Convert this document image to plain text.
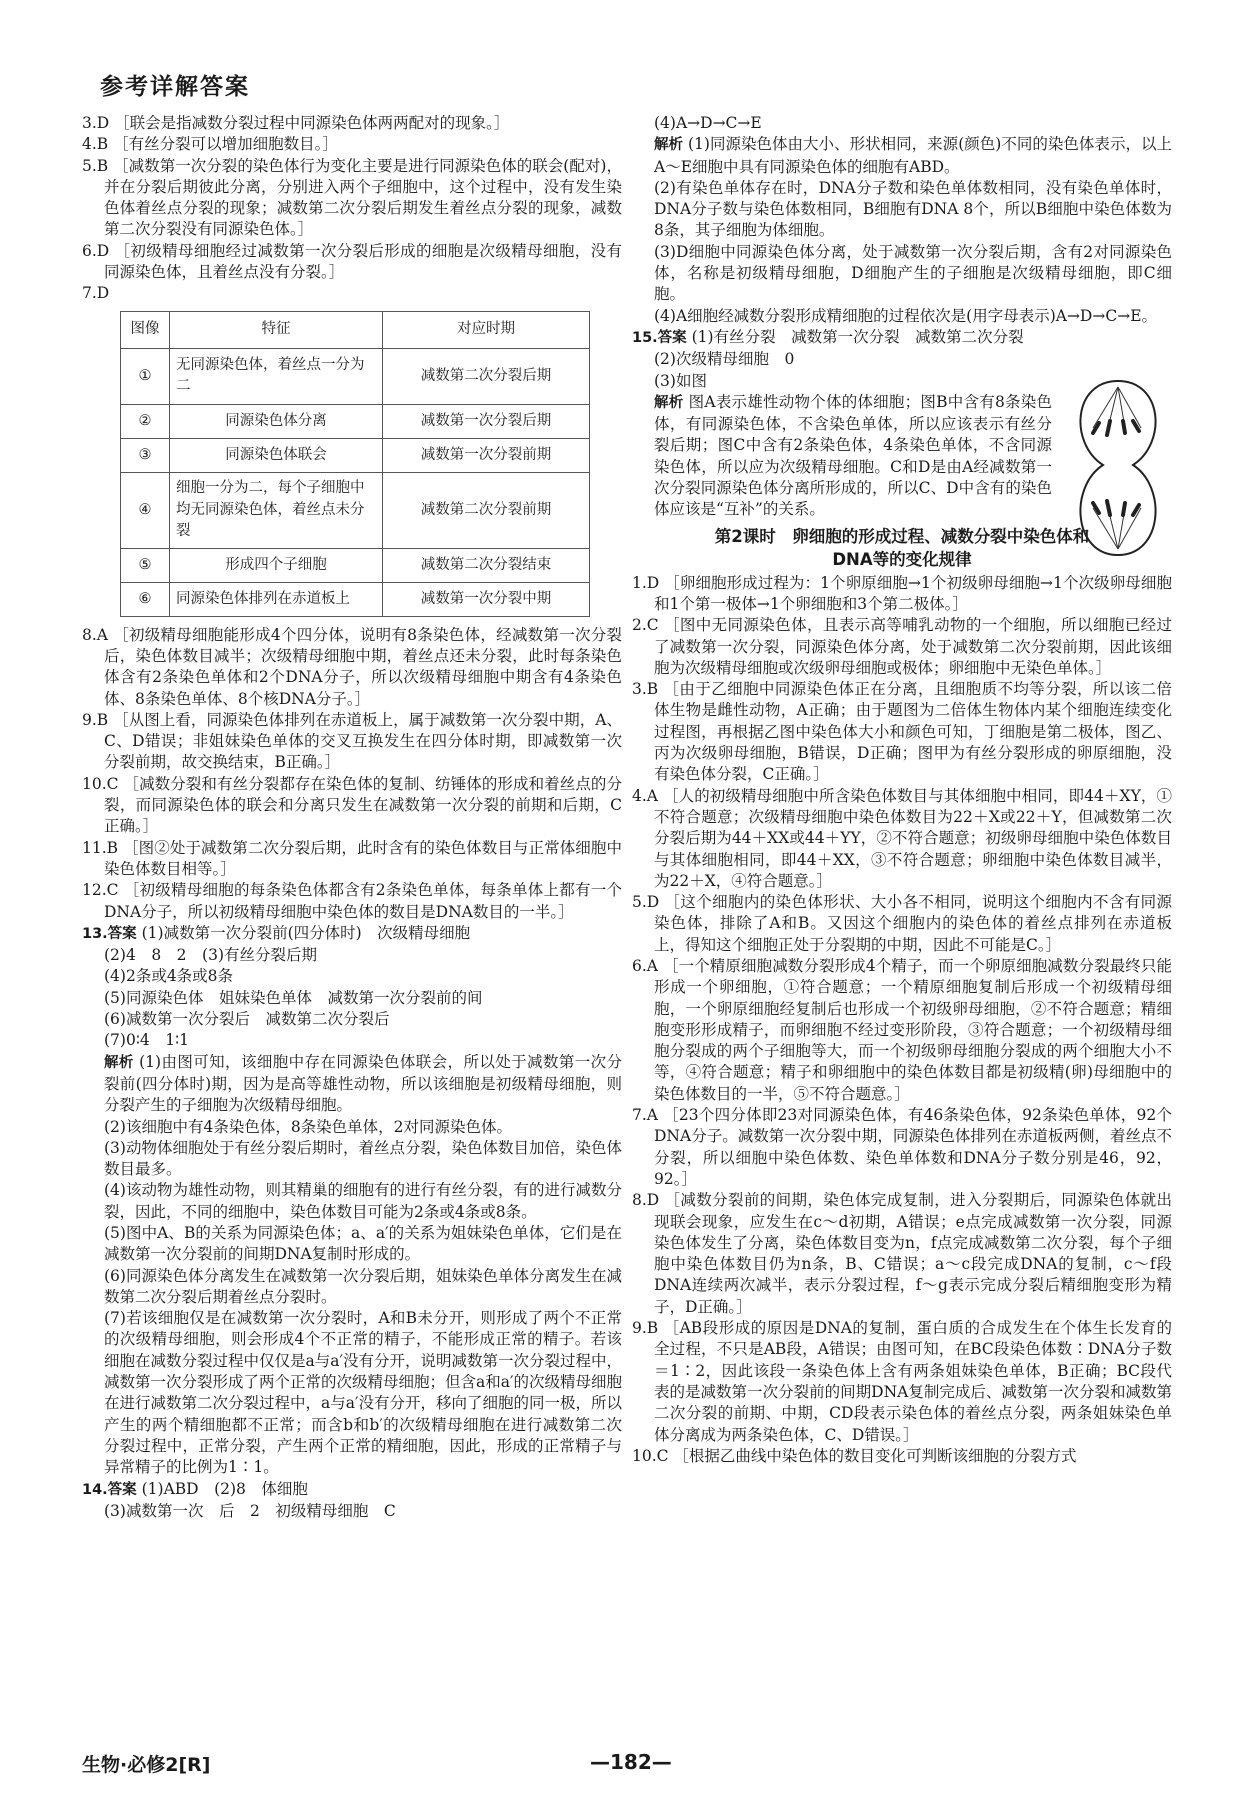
参考详解答案

3.D ［联会是指减数分裂过程中同源染色体两两配对的现象。］

4.B ［有丝分裂可以增加细胞数目。］

5.B ［减数第一次分裂的染色体行为变化主要是进行同源染色体的联会(配对)，并在分裂后期彼此分离，分别进入两个子细胞中，这个过程中，没有发生染色体着丝点分裂的现象；减数第二次分裂后期发生着丝点分裂的现象，减数第二次分裂没有同源染色体。］

6.D ［初级精母细胞经过减数第一次分裂后形成的细胞是次级精母细胞，没有同源染色体，且着丝点没有分裂。］

7.D

图像	特征	对应时期
①	无同源染色体，着丝点一分为二	减数第二次分裂后期
②	同源染色体分离	减数第一次分裂后期
③	同源染色体联会	减数第一次分裂前期
④	细胞一分为二，每个子细胞中均无同源染色体，着丝点未分裂	减数第二次分裂前期
⑤	形成四个子细胞	减数第二次分裂结束
⑥	同源染色体排列在赤道板上	减数第一次分裂中期

8.A ［初级精母细胞能形成4个四分体，说明有8条染色体，经减数第一次分裂后，染色体数目减半；次级精母细胞中期，着丝点还未分裂，此时每条染色体含有2条染色单体和2个DNA分子，所以次级精母细胞中期含有4条染色体、8条染色单体、8个核DNA分子。］

9.B ［从图上看，同源染色体排列在赤道板上，属于减数第一次分裂中期，A、C、D错误；非姐妹染色单体的交叉互换发生在四分体时期，即减数第一次分裂前期，故交换结束，B正确。］

10.C ［减数分裂和有丝分裂都存在染色体的复制、纺锤体的形成和着丝点的分裂，而同源染色体的联会和分离只发生在减数第一次分裂的前期和后期，C正确。］

11.B ［图②处于减数第二次分裂后期，此时含有的染色体数目与正常体细胞中染色体数目相等。］

12.C ［初级精母细胞的每条染色体都含有2条染色单体，每条单体上都有一个DNA分子，所以初级精母细胞中染色体的数目是DNA数目的一半。］

13.答案 (1)减数第一次分裂前(四分体时)　次级精母细胞

(2)4　8　2　(3)有丝分裂后期

(4)2条或4条或8条

(5)同源染色体　姐妹染色单体　减数第一次分裂前的间

(6)减数第一次分裂后　减数第二次分裂后

(7)0∶4　1∶1

解析 (1)由图可知，该细胞中存在同源染色体联会，所以处于减数第一次分裂前(四分体时)期，因为是高等雄性动物，所以该细胞是初级精母细胞，则分裂产生的子细胞为次级精母细胞。

(2)该细胞中有4条染色体，8条染色单体，2对同源染色体。

(3)动物体细胞处于有丝分裂后期时，着丝点分裂，染色体数目加倍，染色体数目最多。

(4)该动物为雄性动物，则其精巢的细胞有的进行有丝分裂，有的进行减数分裂，因此，不同的细胞中，染色体数目可能为2条或4条或8条。

(5)图中A、B的关系为同源染色体；a、a′的关系为姐妹染色单体，它们是在减数第一次分裂前的间期DNA复制时形成的。

(6)同源染色体分离发生在减数第一次分裂后期，姐妹染色单体分离发生在减数第二次分裂后期着丝点分裂时。

(7)若该细胞仅是在减数第一次分裂时，A和B未分开，则形成了两个不正常的次级精母细胞，则会形成4个不正常的精子，不能形成正常的精子。若该细胞在减数分裂过程中仅仅是a与a′没有分开，说明减数第一次分裂过程中，减数第一次分裂形成了两个正常的次级精母细胞；但含a和a′的次级精母细胞在进行减数第二次分裂过程中，a与a′没有分开，移向了细胞的同一极，所以产生的两个精细胞都不正常；而含b和b′的次级精母细胞在进行减数第二次分裂过程中，正常分裂，产生两个正常的精细胞，因此，形成的正常精子与异常精子的比例为1∶1。

14.答案 (1)ABD　(2)8　体细胞

(3)减数第一次　后　2　初级精母细胞　C

(4)A→D→C→E

解析 (1)同源染色体由大小、形状相同，来源(颜色)不同的染色体表示，以上A～E细胞中具有同源染色体的细胞有ABD。

(2)有染色单体存在时，DNA分子数和染色单体数相同，没有染色单体时，DNA分子数与染色体数相同，B细胞有DNA 8个，所以B细胞中染色体数为8条，其子细胞为体细胞。

(3)D细胞中同源染色体分离，处于减数第一次分裂后期，含有2对同源染色体，名称是初级精母细胞，D细胞产生的子细胞是次级精母细胞，即C细胞。

(4)A细胞经减数分裂形成精细胞的过程依次是(用字母表示)A→D→C→E。

15.答案 (1)有丝分裂　减数第一次分裂　减数第二次分裂

(2)次级精母细胞　0

(3)如图

解析 图A表示雄性动物个体的体细胞；图B中含有8条染色体，有同源染色体，不含染色单体，所以应该表示有丝分裂后期；图C中含有2条染色体，4条染色单体，不含同源染色体，所以应为次级精母细胞。C和D是由A经减数第一次分裂同源染色体分离所形成的，所以C、D中含有的染色体应该是“互补”的关系。

第2课时　卵细胞的形成过程、减数分裂中染色体和
DNA等的变化规律

1.D ［卵细胞形成过程为：1个卵原细胞→1个初级卵母细胞→1个次级卵母细胞和1个第一极体→1个卵细胞和3个第二极体。］

2.C ［图中无同源染色体，且表示高等哺乳动物的一个细胞，所以细胞已经过了减数第一次分裂，同源染色体分离，处于减数第二次分裂前期，因此该细胞为次级精母细胞或次级卵母细胞或极体；卵细胞中无染色单体。］

3.B ［由于乙细胞中同源染色体正在分离，且细胞质不均等分裂，所以该二倍体生物是雌性动物，A正确；由于题图为二倍体生物体内某个细胞连续变化过程图，再根据乙图中染色体大小和颜色可知，丁细胞是第二极体，图乙、丙为次级卵母细胞，B错误，D正确；图甲为有丝分裂形成的卵原细胞，没有染色体分裂，C正确。］

4.A ［人的初级精母细胞中所含染色体数目与其体细胞中相同，即44＋XY，①不符合题意；次级精母细胞中染色体数目为22＋X或22＋Y，但减数第二次分裂后期为44＋XX或44＋YY，②不符合题意；初级卵母细胞中染色体数目与其体细胞相同，即44＋XX，③不符合题意；卵细胞中染色体数目减半，为22＋X，④符合题意。］

5.D ［这个细胞内的染色体形状、大小各不相同，说明这个细胞内不含有同源染色体，排除了A和B。又因这个细胞内的染色体的着丝点排列在赤道板上，得知这个细胞正处于分裂期的中期，因此不可能是C。］

6.A ［一个精原细胞减数分裂形成4个精子，而一个卵原细胞减数分裂最终只能形成一个卵细胞，①符合题意；一个精原细胞复制后形成一个初级精母细胞，一个卵原细胞经复制后也形成一个初级卵母细胞，②不符合题意；精细胞变形形成精子，而卵细胞不经过变形阶段，③符合题意；一个初级精母细胞分裂成的两个子细胞等大，而一个初级卵母细胞分裂成的两个细胞大小不等，④符合题意；精子和卵细胞中的染色体数目都是初级精(卵)母细胞中的染色体数目的一半，⑤不符合题意。］

7.A ［23个四分体即23对同源染色体，有46条染色体，92条染色单体，92个DNA分子。减数第一次分裂中期，同源染色体排列在赤道板两侧，着丝点不分裂，所以细胞中染色体数、染色单体数和DNA分子数分别是46，92，92。］

8.D ［减数分裂前的间期，染色体完成复制，进入分裂期后，同源染色体就出现联会现象，应发生在c～d初期，A错误；e点完成减数第一次分裂，同源染色体发生了分离，染色体数目变为n，f点完成减数第二次分裂，每个子细胞中染色体数目仍为n条，B、C错误；a～c段完成DNA的复制，c～f段DNA连续两次减半，表示分裂过程，f～g表示完成分裂后精细胞变形为精子，D正确。］

9.B ［AB段形成的原因是DNA的复制，蛋白质的合成发生在个体生长发育的全过程，不只是AB段，A错误；由图可知，在BC段染色体数∶DNA分子数＝1∶2，因此该段一条染色体上含有两条姐妹染色单体，B正确；BC段代表的是减数第一次分裂前的间期DNA复制完成后、减数第一次分裂和减数第二次分裂的前期、中期，CD段表示染色体的着丝点分裂，两条姐妹染色单体分离成为两条染色体，C、D错误。］

10.C ［根据乙曲线中染色体的数目变化可判断该细胞的分裂方式

生物·必修2[R]	—182—
